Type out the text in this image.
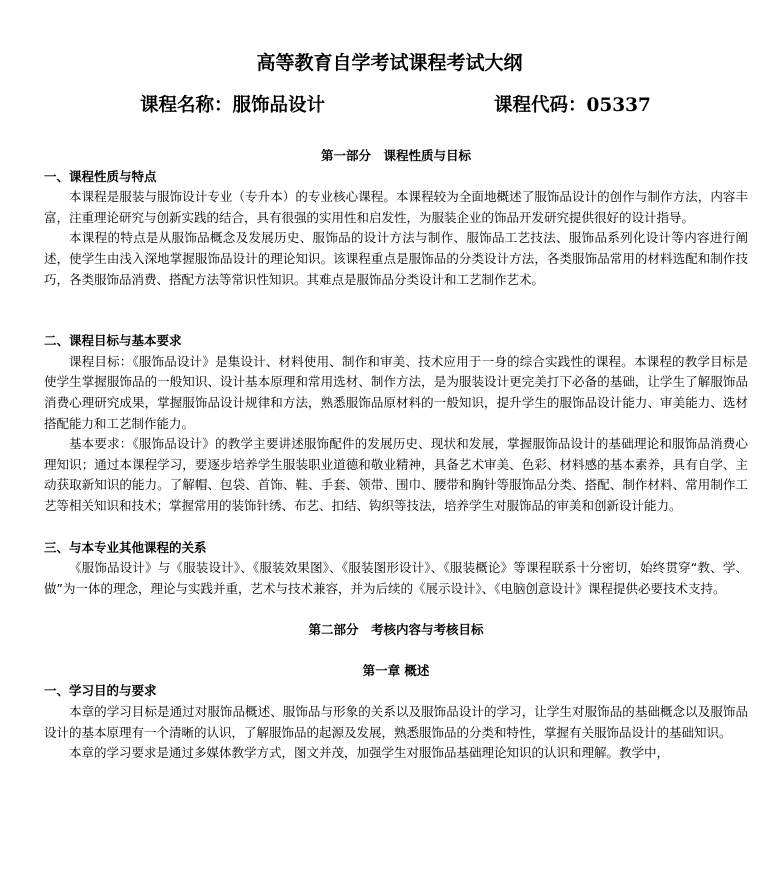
高等教育自学考试课程考试大纲
课程名称：服饰品设计	课程代码：05337

第一部分　课程性质与目标

一、课程性质与特点

本课程是服装与服饰设计专业（专升本）的专业核心课程。本课程较为全面地概述了服饰品设计的创作与制作方法，内容丰富，注重理论研究与创新实践的结合，具有很强的实用性和启发性，为服装企业的饰品开发研究提供很好的设计指导。

本课程的特点是从服饰品概念及发展历史、服饰品的设计方法与制作、服饰品工艺技法、服饰品系列化设计等内容进行阐述，使学生由浅入深地掌握服饰品设计的理论知识。该课程重点是服饰品的分类设计方法，各类服饰品常用的材料选配和制作技巧，各类服饰品消费、搭配方法等常识性知识。其难点是服饰品分类设计和工艺制作艺术。

二、课程目标与基本要求

课程目标：《服饰品设计》是集设计、材料使用、制作和审美、技术应用于一身的综合实践性的课程。本课程的教学目标是使学生掌握服饰品的一般知识、设计基本原理和常用选材、制作方法，是为服装设计更完美打下必备的基础，让学生了解服饰品消费心理研究成果，掌握服饰品设计规律和方法，熟悉服饰品原材料的一般知识，提升学生的服饰品设计能力、审美能力、选材搭配能力和工艺制作能力。

基本要求：《服饰品设计》的教学主要讲述服饰配件的发展历史、现状和发展，掌握服饰品设计的基础理论和服饰品消费心理知识；通过本课程学习，要逐步培养学生服装职业道德和敬业精神，具备艺术审美、色彩、材料感的基本素养，具有自学、主动获取新知识的能力。了解帽、包袋、首饰、鞋、手套、领带、围巾、腰带和胸针等服饰品分类、搭配、制作材料、常用制作工艺等相关知识和技术；掌握常用的装饰针绣、布艺、扣结、钩织等技法，培养学生对服饰品的审美和创新设计能力。

三、与本专业其他课程的关系

《服饰品设计》与《服装设计》、《服装效果图》、《服装图形设计》、《服装概论》等课程联系十分密切，始终贯穿“教、学、做”为一体的理念，理论与实践并重，艺术与技术兼容，并为后续的《展示设计》、《电脑创意设计》课程提供必要技术支持。

第二部分　考核内容与考核目标

第一章 概述

一、学习目的与要求

本章的学习目标是通过对服饰品概述、服饰品与形象的关系以及服饰品设计的学习，让学生对服饰品的基础概念以及服饰品设计的基本原理有一个清晰的认识，了解服饰品的起源及发展，熟悉服饰品的分类和特性，掌握有关服饰品设计的基础知识。

本章的学习要求是通过多媒体教学方式，图文并茂，加强学生对服饰品基础理论知识的认识和理解。教学中，
